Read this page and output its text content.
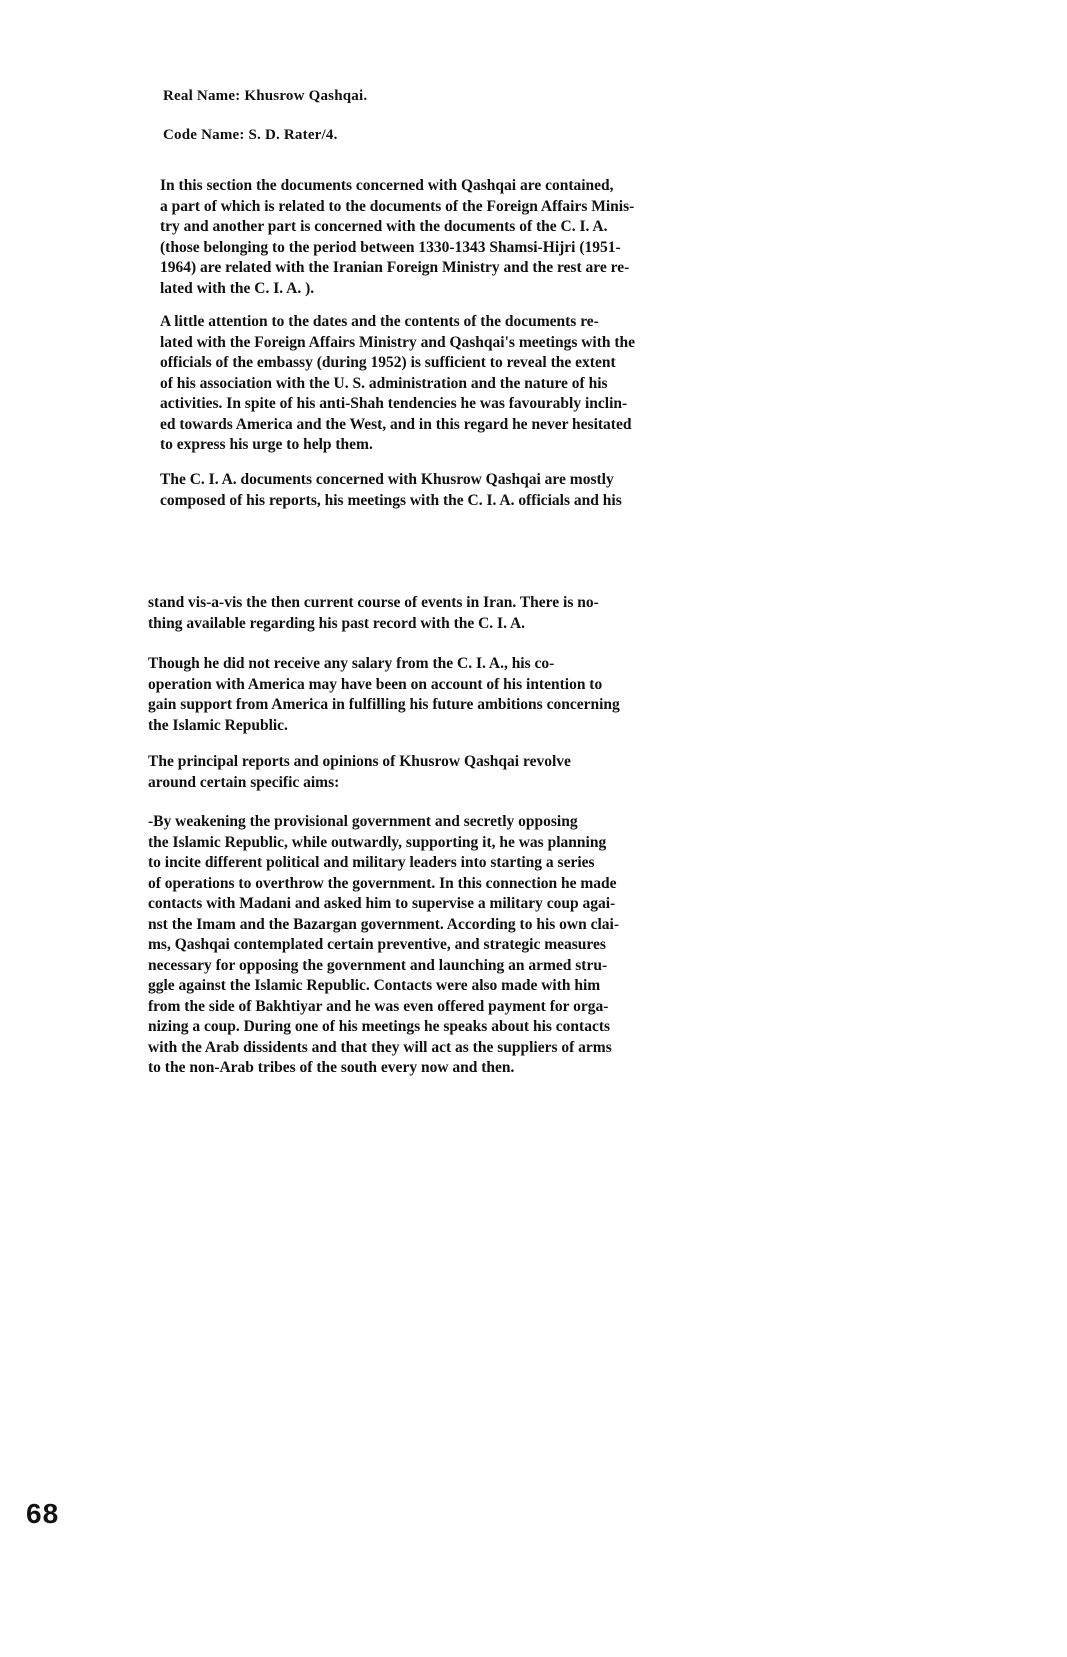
Real Name: Khusrow Qashqai.
Code Name: S. D. Rater/4.

In this section the documents concerned with Qashqai are contained,
a part of which is related to the documents of the Foreign Affairs Minis-
try and another part is concerned with the documents of the C. I. A.
(those belonging to the period between 1330-1343 Shamsi-Hijri (1951-
1964) are related with the Iranian Foreign Ministry and the rest are re-
lated with the C. I. A. ).

A little attention to the dates and the contents of the documents re-
lated with the Foreign Affairs Ministry and Qashqai's meetings with the
officials of the embassy (during 1952) is sufficient to reveal the extent
of his association with the U. S. administration and the nature of his
activities. In spite of his anti-Shah tendencies he was favourably inclin-
ed towards America and the West, and in this regard he never hesitated
to express his urge to help them.

The C. I. A. documents concerned with Khusrow Qashqai are mostly
composed of his reports, his meetings with the C. I. A. officials and his

stand vis-a-vis the then current course of events in Iran. There is no-
thing available regarding his past record with the C. I. A.

Though he did not receive any salary from the C. I. A., his co-
operation with America may have been on account of his intention to
gain support from America in fulfilling his future ambitions concerning
the Islamic Republic.

The principal reports and opinions of Khusrow Qashqai revolve
around certain specific aims:

-By weakening the provisional government and secretly opposing
the Islamic Republic, while outwardly, supporting it, he was planning
to incite different political and military leaders into starting a series
of operations to overthrow the government. In this connection he made
contacts with Madani and asked him to supervise a military coup agai-
nst the Imam and the Bazargan government. According to his own clai-
ms, Qashqai contemplated certain preventive, and strategic measures
necessary for opposing the government and launching an armed stru-
ggle against the Islamic Republic. Contacts were also made with him
from the side of Bakhtiyar and he was even offered payment for orga-
nizing a coup. During one of his meetings he speaks about his contacts
with the Arab dissidents and that they will act as the suppliers of arms
to the non-Arab tribes of the south every now and then.

68
